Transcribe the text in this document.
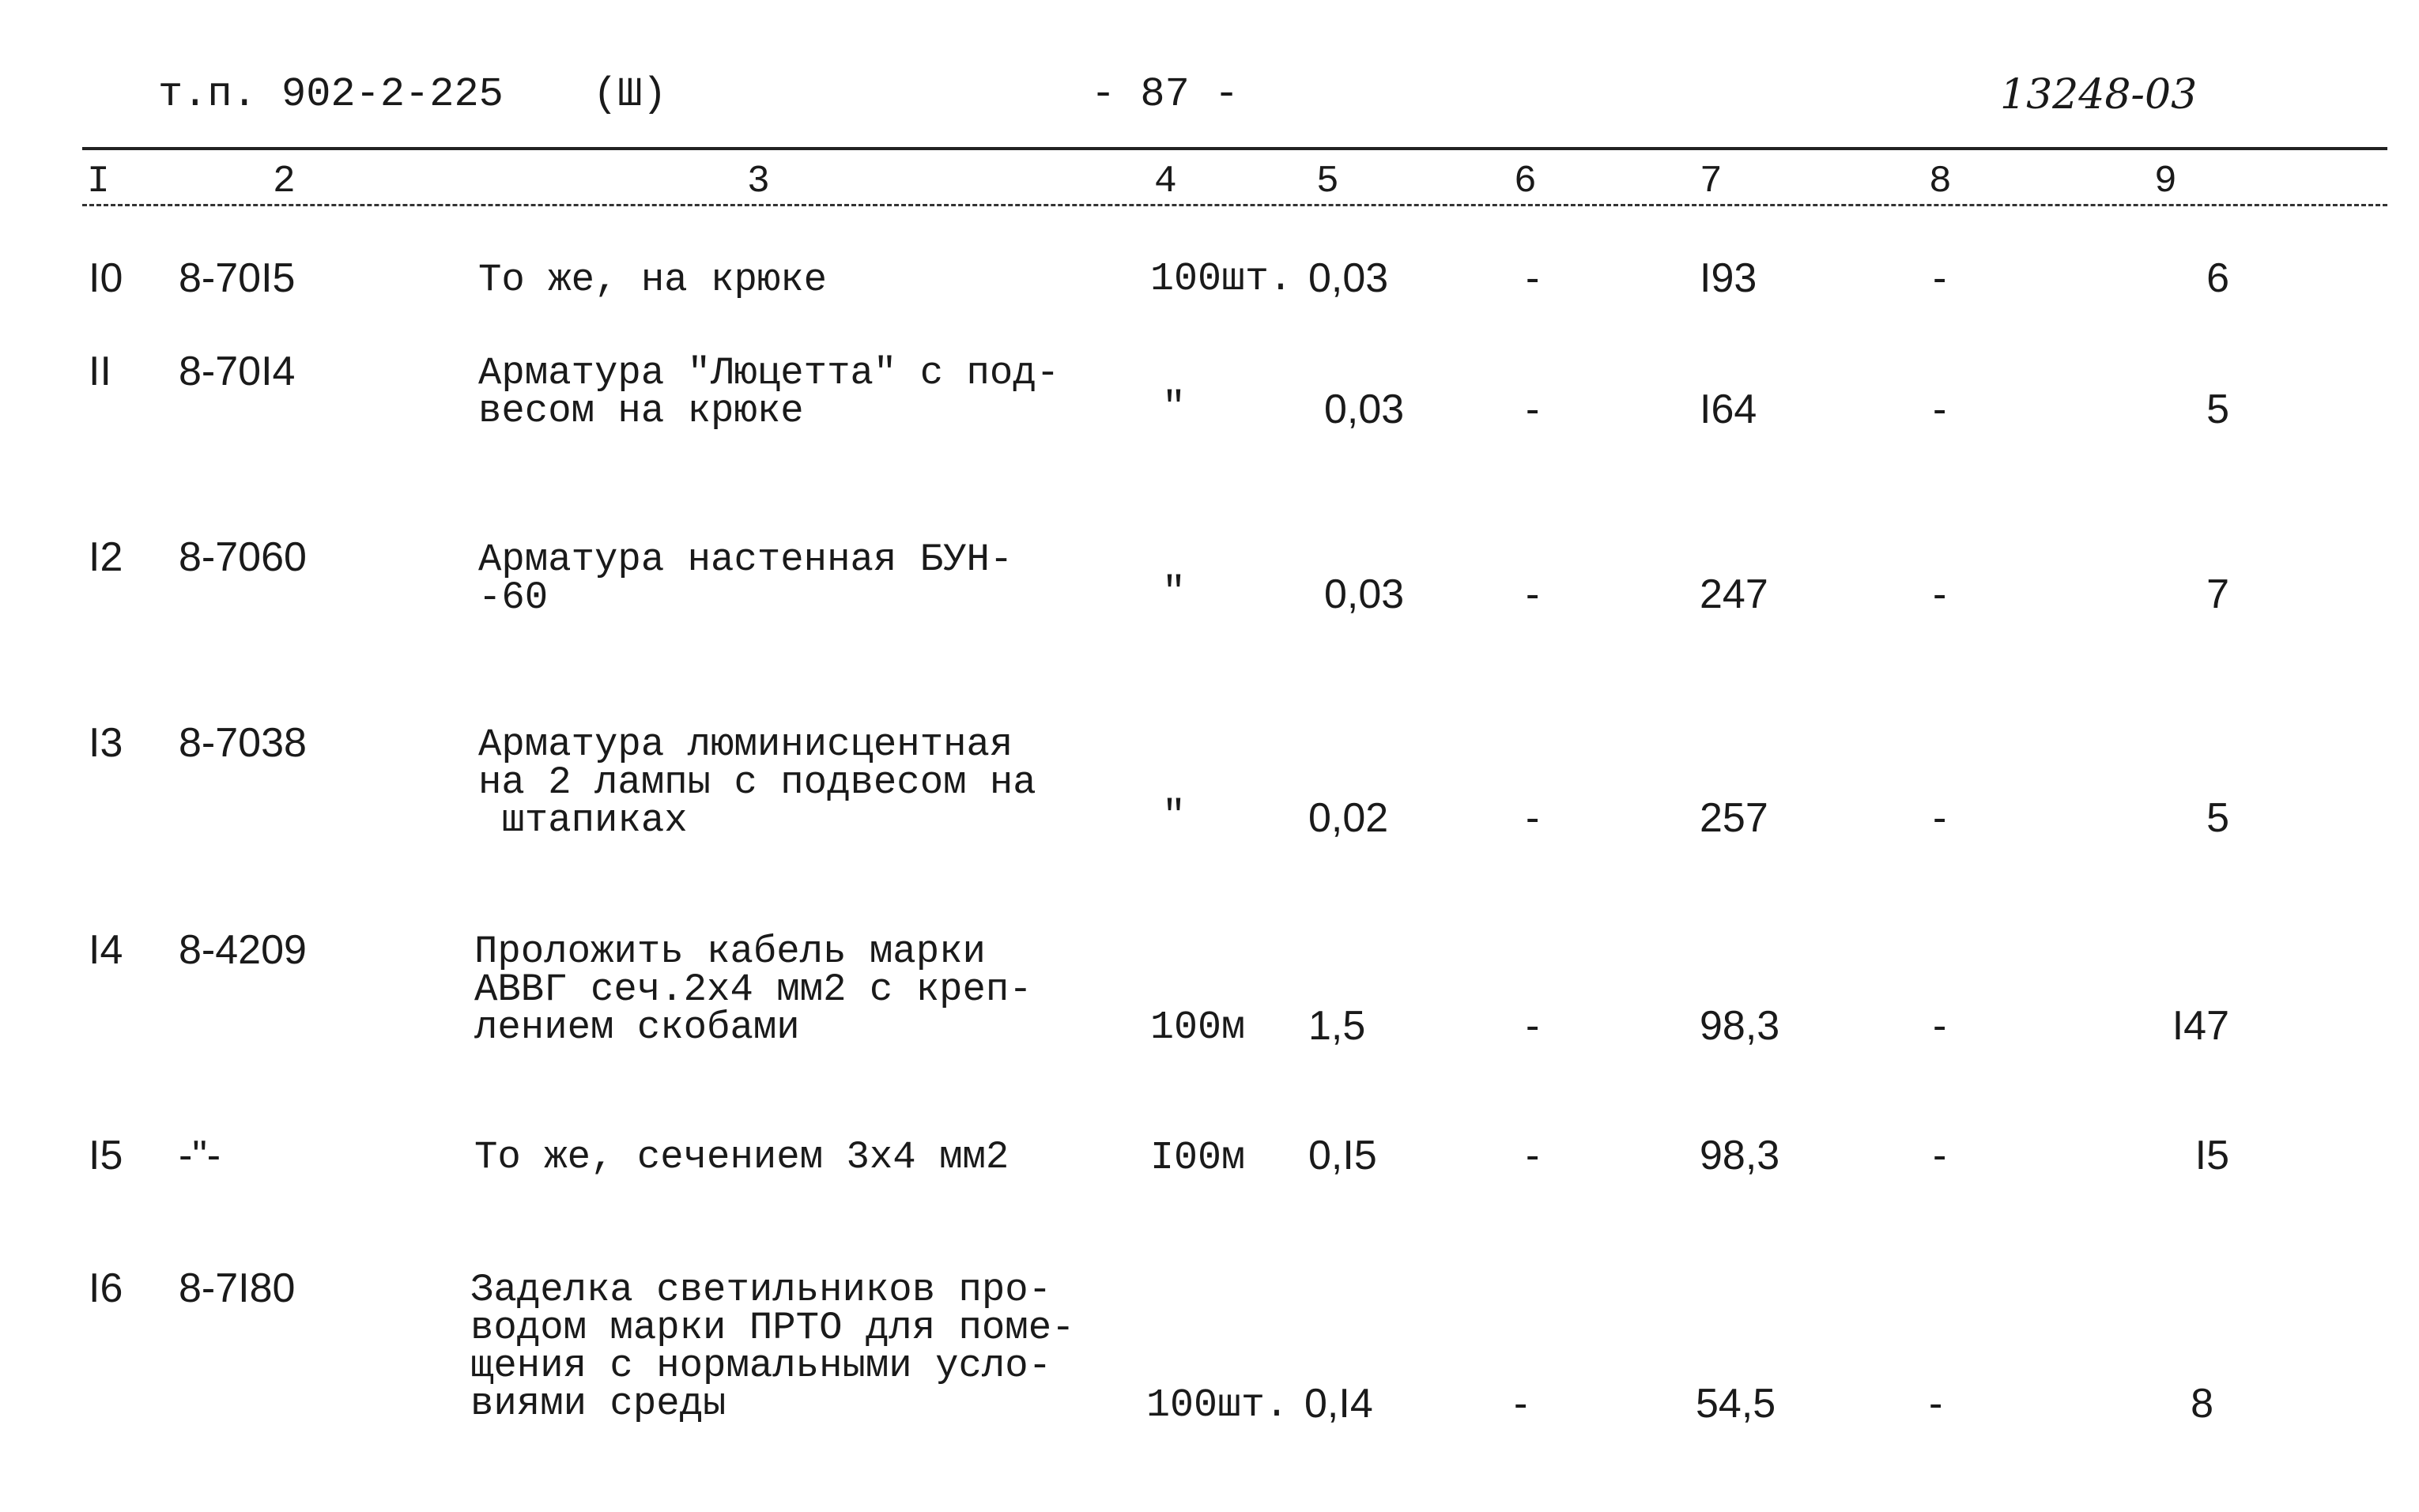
т.п. 902-2-225 (Ш)	- 87 -	13248-03
I	2	3	4	5	6	7	8	9
I0 8-70I5	То же, на крюке	100шт. 0,03	-	I93	-	6
II 8-70I4	Арматура "Люцетта" с под-
весом на крюке	"	0,03	-	I64	-	5
I2 8-7060	Арматура настенная БУН-
-60	"	0,03	-	247	-	7
I3 8-7038	Арматура люминисцентная
на 2 лампы с подвесом на
штапиках	"	0,02	-	257	-	5
I4 8-4209	Проложить кабель марки
АВВГ сеч.2х4 мм2 с креп-
лением скобами	100м 1,5	-	98,3	-	I47
I5 -"-	То же, сечением 3х4 мм2	I00м 0,I5	-	98,3	-	I5
I6 8-7I80	Заделка светильников про-
водом марки ПРТО для поме-
щения с нормальными усло-
виями среды	100шт. 0,I4	-	54,5	-	8
